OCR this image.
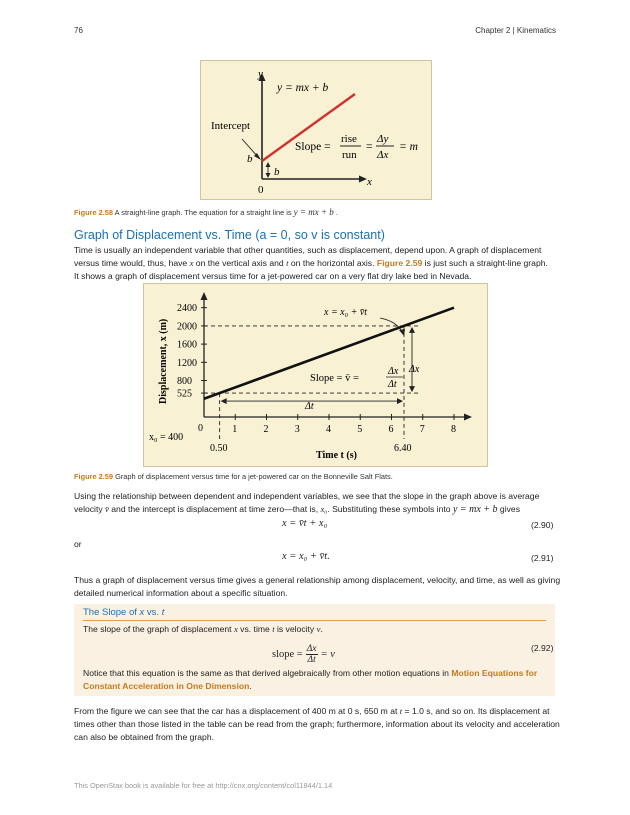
76	Chapter 2 | Kinematics
y
x
y = mx + b
Intercept
b
b
0
Slope =
rise
run
=
Δy
Δx
= m
Figure 2.58 A straight-line graph. The equation for a straight line is y = mx + b .
Graph of Displacement vs. Time (a = 0, so v is constant)
Time is usually an independent variable that other quantities, such as displacement, depend upon. A graph of displacement
versus time would, thus, have x on the vertical axis and t on the horizontal axis. Figure 2.59 is just such a straight-line graph.
It shows a graph of displacement versus time for a jet-powered car on a very flat dry lake bed in Nevada.
1	2	3	4	5	6	7	8
525
800
1200
1600
2000
2400
Displacement, x (m)
Time t (s)
x = x₀ + v̄t
Slope = v̄ =
Δx
Δt
Δx
Δt
x₀ = 400
0
0.50	6.40
Figure 2.59 Graph of displacement versus time for a jet-powered car on the Bonneville Salt Flats.
Using the relationship between dependent and independent variables, we see that the slope in the graph above is average
velocity v̄ and the intercept is displacement at time zero—that is, x₀. Substituting these symbols into y = mx + b gives
x = v̄t + x₀	(2.90)
or
x = x₀ + v̄t.	(2.91)
Thus a graph of displacement versus time gives a general relationship among displacement, velocity, and time, as well as giving
detailed numerical information about a specific situation.
The Slope of x vs. t
The slope of the graph of displacement x vs. time t is velocity v.
slope = $\frac{\Delta x}{\Delta t} = v$
(2.92)
Notice that this equation is the same as that derived algebraically from other motion equations in Motion Equations for
Constant Acceleration in One Dimension.
From the figure we can see that the car has a displacement of 400 m at 0 s, 650 m at t = 1.0 s, and so on. Its displacement at
times other than those listed in the table can be read from the graph; furthermore, information about its velocity and acceleration
can also be obtained from the graph.
This OpenStax book is available for free at http://cnx.org/content/col11844/1.14
